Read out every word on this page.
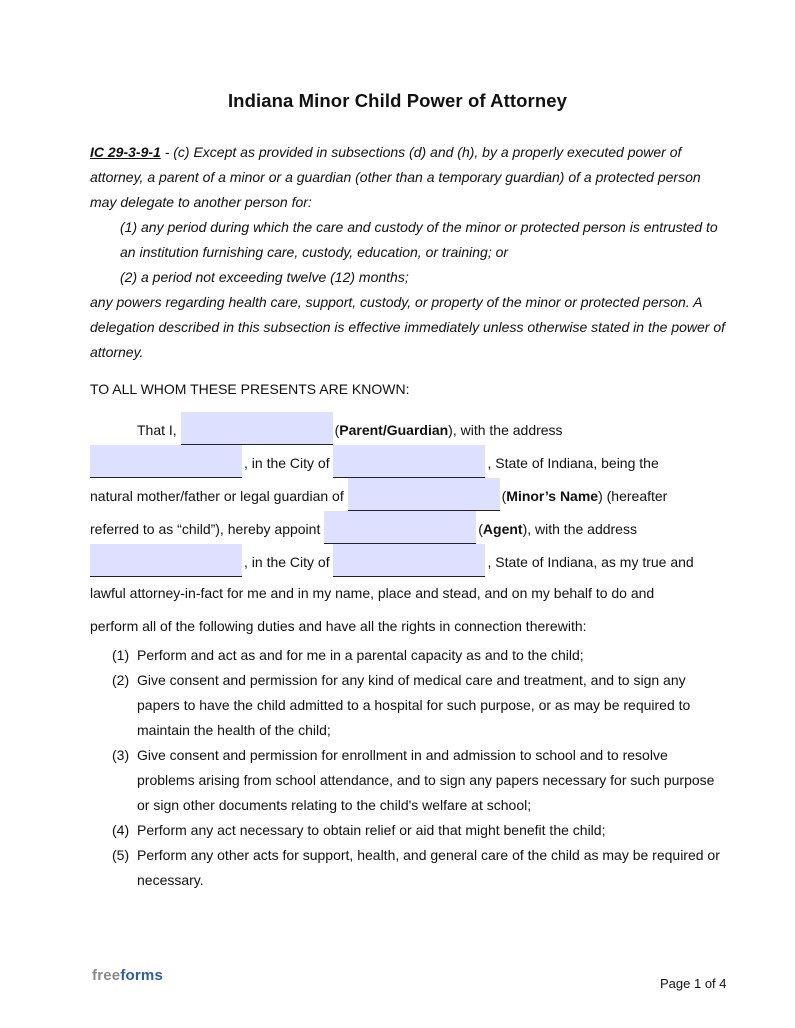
Indiana Minor Child Power of Attorney

IC 29-3-9-1 - (c) Except as provided in subsections (d) and (h), by a properly executed power of attorney, a parent of a minor or a guardian (other than a temporary guardian) of a protected person may delegate to another person for:

(1) any period during which the care and custody of the minor or protected person is entrusted to an institution furnishing care, custody, education, or training; or

(2) a period not exceeding twelve (12) months;

any powers regarding health care, support, custody, or property of the minor or protected person. A delegation described in this subsection is effective immediately unless otherwise stated in the power of attorney.

TO ALL WHOM THESE PRESENTS ARE KNOWN:
That I,	(Parent/Guardian), with the address
, in the City of	, State of Indiana, being the
natural mother/father or legal guardian of	(Minor’s Name) (hereafter
referred to as “child”), hereby appoint	(Agent), with the address
, in the City of	, State of Indiana, as my true and
lawful attorney-in-fact for me and in my name, place and stead, and on my behalf to do and
perform all of the following duties and have all the rights in connection therewith:
(1) Perform and act as and for me in a parental capacity as and to the child;
(2) Give consent and permission for any kind of medical care and treatment, and to sign any papers to have the child admitted to a hospital for such purpose, or as may be required to maintain the health of the child;
(3) Give consent and permission for enrollment in and admission to school and to resolve problems arising from school attendance, and to sign any papers necessary for such purpose or sign other documents relating to the child's welfare at school;
(4) Perform any act necessary to obtain relief or aid that might benefit the child;
(5) Perform any other acts for support, health, and general care of the child as may be required or necessary.
freeforms	Page 1 of 4
